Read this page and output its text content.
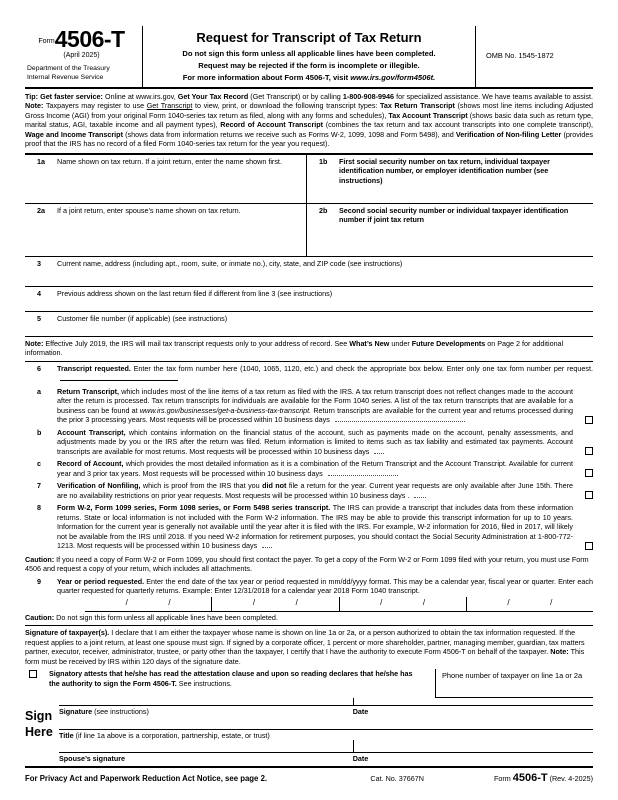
Form 4506-T
(April 2025)
Department of the Treasury
Internal Revenue Service
Request for Transcript of Tax Return
Do not sign this form unless all applicable lines have been completed.
Request may be rejected if the form is incomplete or illegible.
For more information about Form 4506-T, visit www.irs.gov/form4506t.
OMB No. 1545-1872
Tip: Get faster service: Online at www.irs.gov, Get Your Tax Record (Get Transcript) or by calling 1-800-908-9946 for specialized assistance. We have teams available to assist. Note: Taxpayers may register to use Get Transcript to view, print, or download the following transcript types: Tax Return Transcript (shows most line items including Adjusted Gross Income (AGI) from your original Form 1040-series tax return as filed, along with any forms and schedules), Tax Account Transcript (shows basic data such as return type, marital status, AGI, taxable income and all payment types), Record of Account Transcript (combines the tax return and tax account transcripts into one complete transcript), Wage and Income Transcript (shows data from information returns we receive such as Forms W-2, 1099, 1098 and Form 5498), and Verification of Non-filing Letter (provides proof that the IRS has no record of a filed Form 1040-series tax return for the year you request).
1a	Name shown on tax return. If a joint return, enter the name shown first.	1b	First social security number on tax return, individual taxpayer identification number, or employer identification number (see instructions)
2a	If a joint return, enter spouse’s name shown on tax return.	2b	Second social security number or individual taxpayer identification number if joint tax return
3	Current name, address (including apt., room, suite, or inmate no.), city, state, and ZIP code (see instructions)
4	Previous address shown on the last return filed if different from line 3 (see instructions)
5	Customer file number (if applicable) (see instructions)
Note: Effective July 2019, the IRS will mail tax transcript requests only to your address of record. See What’s New under Future Developments on Page 2 for additional information.
6	Transcript requested. Enter the tax form number here (1040, 1065, 1120, etc.) and check the appropriate box below. Enter only one tax form number per request.
a	Return Transcript, which includes most of the line items of a tax return as filed with the IRS. A tax return transcript does not reflect changes made to the account after the return is processed. Tax return transcripts for individuals are available for the Form 1040 series. A list of the tax return transcripts that are available for a business can be found at www.irs.gov/businesses/get-a-business-tax-transcript. Return transcripts are available for the current year and returns processed during the prior 3 processing years. Most requests will be processed within 10 business days
b	Account Transcript, which contains information on the financial status of the account, such as payments made on the account, penalty assessments, and adjustments made by you or the IRS after the return was filed. Return information is limited to items such as tax liability and estimated tax payments. Account transcripts are available for most returns. Most requests will be processed within 10 business days
c	Record of Account, which provides the most detailed information as it is a combination of the Return Transcript and the Account Transcript. Available for current year and 3 prior tax years. Most requests will be processed within 10 business days
7	Verification of Nonfiling, which is proof from the IRS that you did not file a return for the year. Current year requests are only available after June 15th. There are no availability restrictions on prior year requests. Most requests will be processed within 10 business days .
8	Form W-2, Form 1099 series, Form 1098 series, or Form 5498 series transcript. The IRS can provide a transcript that includes data from these information returns. State or local information is not included with the Form W-2 information. The IRS may be able to provide this transcript information for up to 10 years. Information for the current year is generally not available until the year after it is filed with the IRS. For example, W-2 information for 2016, filed in 2017, will likely not be available from the IRS until 2018. If you need W-2 information for retirement purposes, you should contact the Social Security Administration at 1-800-772-1213. Most requests will be processed within 10 business days
Caution: If you need a copy of Form W-2 or Form 1099, you should first contact the payer. To get a copy of the Form W-2 or Form 1099 filed with your return, you must use Form 4506 and request a copy of your return, which includes all attachments.
9	Year or period requested. Enter the end date of the tax year or period requested in mm/dd/yyyy format. This may be a calendar year, fiscal year or quarter. Enter each quarter requested for quarterly returns. Example: Enter 12/31/2018 for a calendar year 2018 Form 1040 transcript.
/	/	/	/	/	/	/	/
Caution: Do not sign this form unless all applicable lines have been completed.
Signature of taxpayer(s). I declare that I am either the taxpayer whose name is shown on line 1a or 2a, or a person authorized to obtain the tax information requested. If the request applies to a joint return, at least one spouse must sign. If signed by a corporate officer, 1 percent or more shareholder, partner, managing member, guardian, tax matters partner, executor, receiver, administrator, trustee, or party other than the taxpayer, I certify that I have the authority to execute Form 4506-T on behalf of the taxpayer. Note: This form must be received by IRS within 120 days of the signature date.
Signatory attests that he/she has read the attestation clause and upon so reading declares that he/she has the authority to sign the Form 4506-T. See instructions.
Phone number of taxpayer on line 1a or 2a
Sign
Here
Signature (see instructions)	Date
Title (if line 1a above is a corporation, partnership, estate, or trust)
Spouse’s signature	Date
For Privacy Act and Paperwork Reduction Act Notice, see page 2.	Cat. No. 37667N	Form 4506-T (Rev. 4-2025)
